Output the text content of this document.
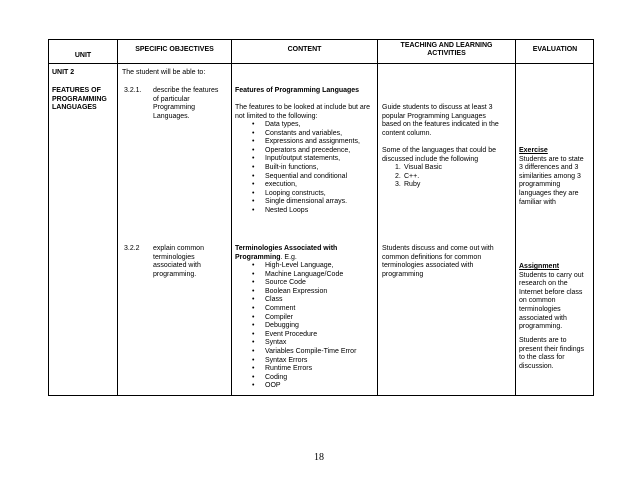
UNIT
SPECIFIC OBJECTIVES	CONTENT
TEACHING AND LEARNING
ACTIVITIES
EVALUATION
UNIT 2
FEATURES OF
PROGRAMMING
LANGUAGES
The student will be able to:
3.2.1. describe the features
of particular
Programming
Languages.
3.2.2 explain common
terminologies
associated with
programming.
Features of Programming Languages
The features to be looked at include but are
not limited to the following:
• Data types,
• Constants and variables,
• Expressions and assignments,
• Operators and precedence,
• Input/output statements,
• Built-in functions,
• Sequential and conditional
• execution,
• Looping constructs,
• Single dimensional arrays.
• Nested Loops
Terminologies Associated with
Programming. E.g.
• High-Level Language,
• Machine Language/Code
• Source Code
• Boolean Expression
• Class
• Comment
• Compiler
• Debugging
• Event Procedure
• Syntax
• Variables Compile-Time Error
• Syntax Errors
• Runtime Errors
• Coding
• OOP
Guide students to discuss at least 3
popular Programming Languages
based on the features indicated in the
content column.
Some of the languages that could be
discussed include the following
1. Visual Basic
2. C++.
3. Ruby
Students discuss and come out with
common definitions for common
terminologies associated with
programming
Exercise
Students are to state
3 differences and 3
similarities among 3
programming
languages they are
familiar with
Assignment
Students to carry out
research on the
Internet before class
on common
terminologies
associated with
programming.
Students are to
present their findings
to the class for
discussion.
18
